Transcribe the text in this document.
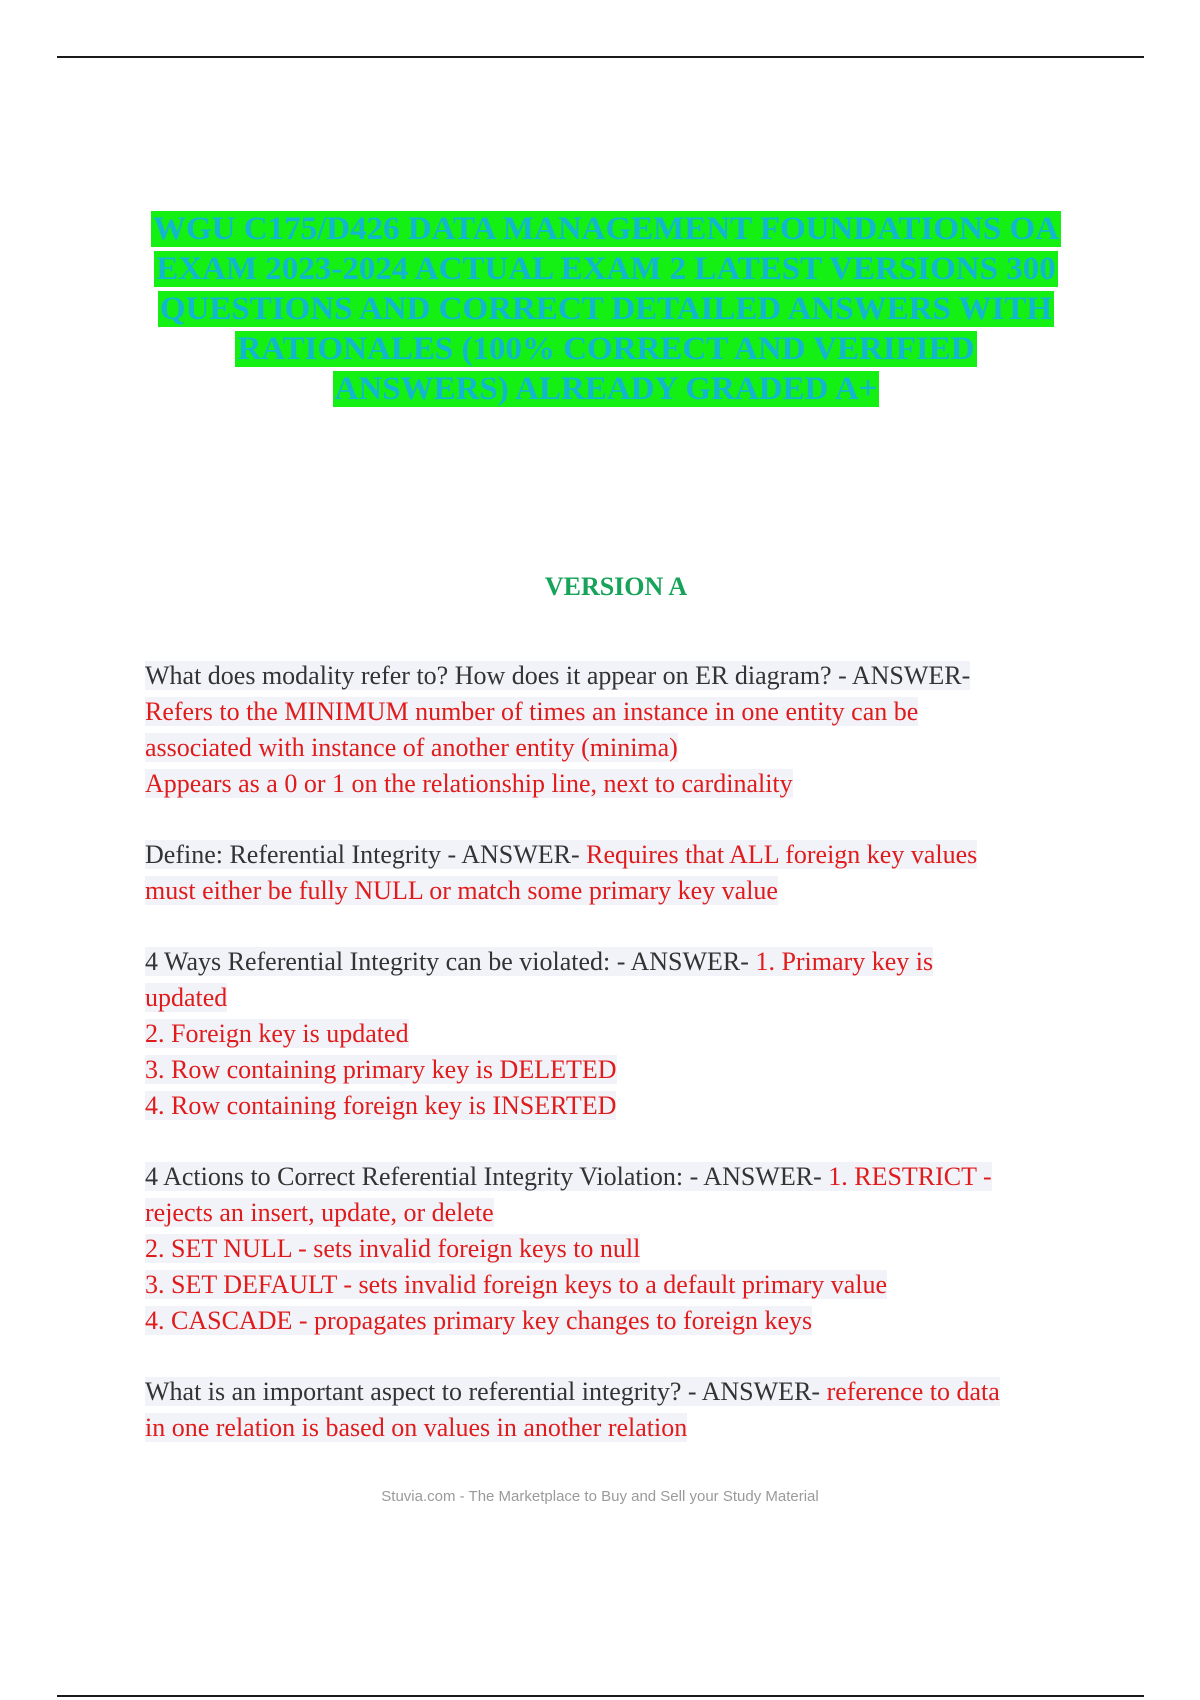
WGU C175/D426 DATA MANAGEMENT FOUNDATIONS OA
EXAM 2023-2024 ACTUAL EXAM 2 LATEST VERSIONS 300
QUESTIONS AND CORRECT DETAILED ANSWERS WITH
RATIONALES (100% CORRECT AND VERIFIED
ANSWERS) ALREADY GRADED A+
VERSION A
What does modality refer to? How does it appear on ER diagram? - ANSWER-
Refers to the MINIMUM number of times an instance in one entity can be
associated with instance of another entity (minima)
Appears as a 0 or 1 on the relationship line, next to cardinality
Define: Referential Integrity - ANSWER- Requires that ALL foreign key values
must either be fully NULL or match some primary key value
4 Ways Referential Integrity can be violated: - ANSWER- 1. Primary key is
updated
2. Foreign key is updated
3. Row containing primary key is DELETED
4. Row containing foreign key is INSERTED
4 Actions to Correct Referential Integrity Violation: - ANSWER- 1. RESTRICT -
rejects an insert, update, or delete
2. SET NULL - sets invalid foreign keys to null
3. SET DEFAULT - sets invalid foreign keys to a default primary value
4. CASCADE - propagates primary key changes to foreign keys
What is an important aspect to referential integrity? - ANSWER- reference to data
in one relation is based on values in another relation
Stuvia.com - The Marketplace to Buy and Sell your Study Material
